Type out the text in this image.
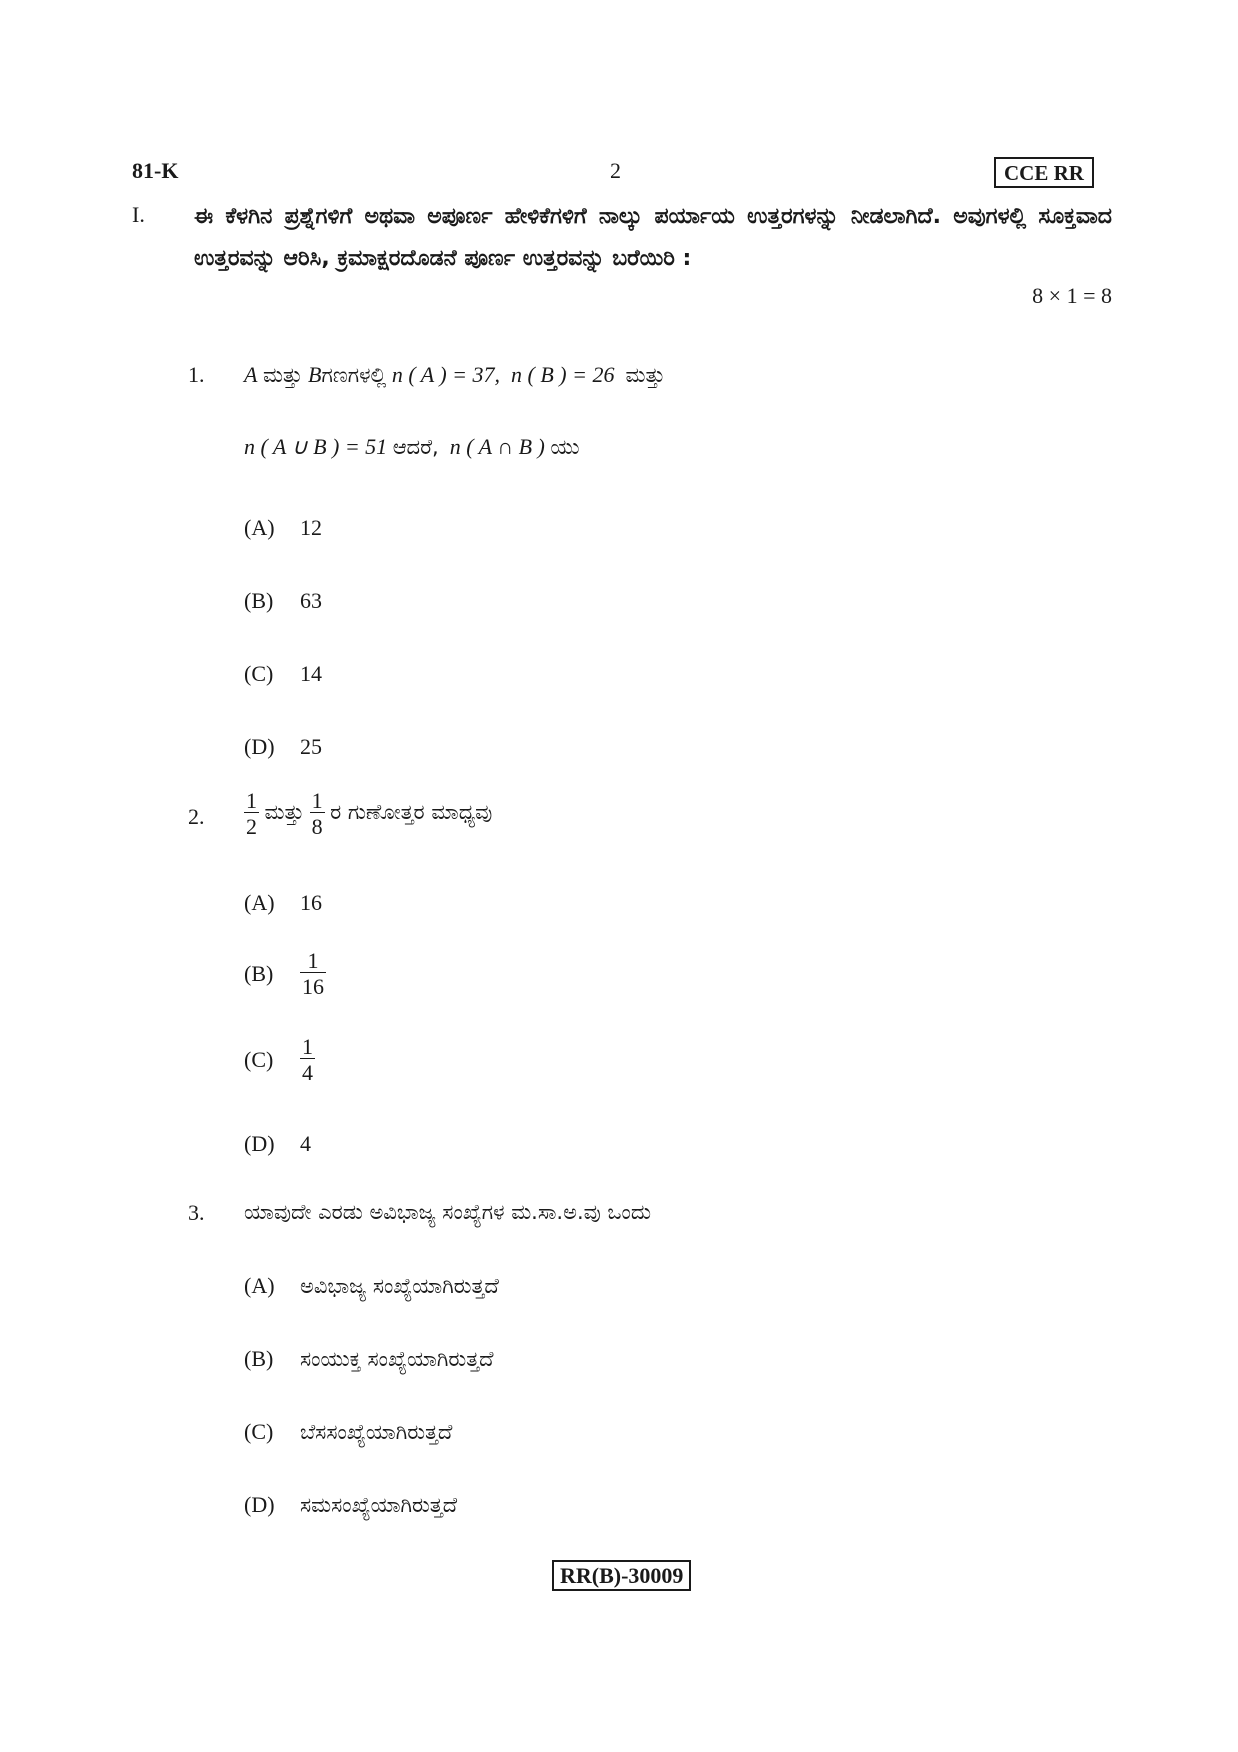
81-K	2	CCE RR
I. ಈ ಕೆಳಗಿನ ಪ್ರಶ್ನೆಗಳಿಗೆ ಅಥವಾ ಅಪೂರ್ಣ ಹೇಳಿಕೆಗಳಿಗೆ ನಾಲ್ಕು ಪರ್ಯಾಯ ಉತ್ತರಗಳನ್ನು ನೀಡಲಾಗಿದೆ. ಅವುಗಳಲ್ಲಿ ಸೂಕ್ತವಾದ ಉತ್ತರವನ್ನು ಆರಿಸಿ, ಕ್ರಮಾಕ್ಷರದೊಡನೆ ಪೂರ್ಣ ಉತ್ತರವನ್ನು ಬರೆಯಿರಿ :
8 × 1 = 8
1. A ಮತ್ತು Bಗಣಗಳಲ್ಲಿ n ( A ) = 37, n ( B ) = 26 ಮತ್ತು
n ( A ∪ B ) = 51 ಆದರೆ, n ( A ∩ B ) ಯು
(A) 12
(B) 63
(C) 14
(D) 25
2. $\frac{1}{2}$ ಮತ್ತು $\frac{1}{8}$ ರ ಗುಣೋತ್ತರ ಮಾಧ್ಯವು
(A) 16
$(B) \frac{1}{16}$
$(C) \frac{1}{4}$
(D) 4
3. ಯಾವುದೇ ಎರಡು ಅವಿಭಾಜ್ಯ ಸಂಖ್ಯೆಗಳ ಮ.ಸಾ.ಅ.ವು ಒಂದು
(A) ಅವಿಭಾಜ್ಯ ಸಂಖ್ಯೆಯಾಗಿರುತ್ತದೆ
(B) ಸಂಯುಕ್ತ ಸಂಖ್ಯೆಯಾಗಿರುತ್ತದೆ
(C) ಬೆಸಸಂಖ್ಯೆಯಾಗಿರುತ್ತದೆ
(D) ಸಮಸಂಖ್ಯೆಯಾಗಿರುತ್ತದೆ
RR(B)-30009
